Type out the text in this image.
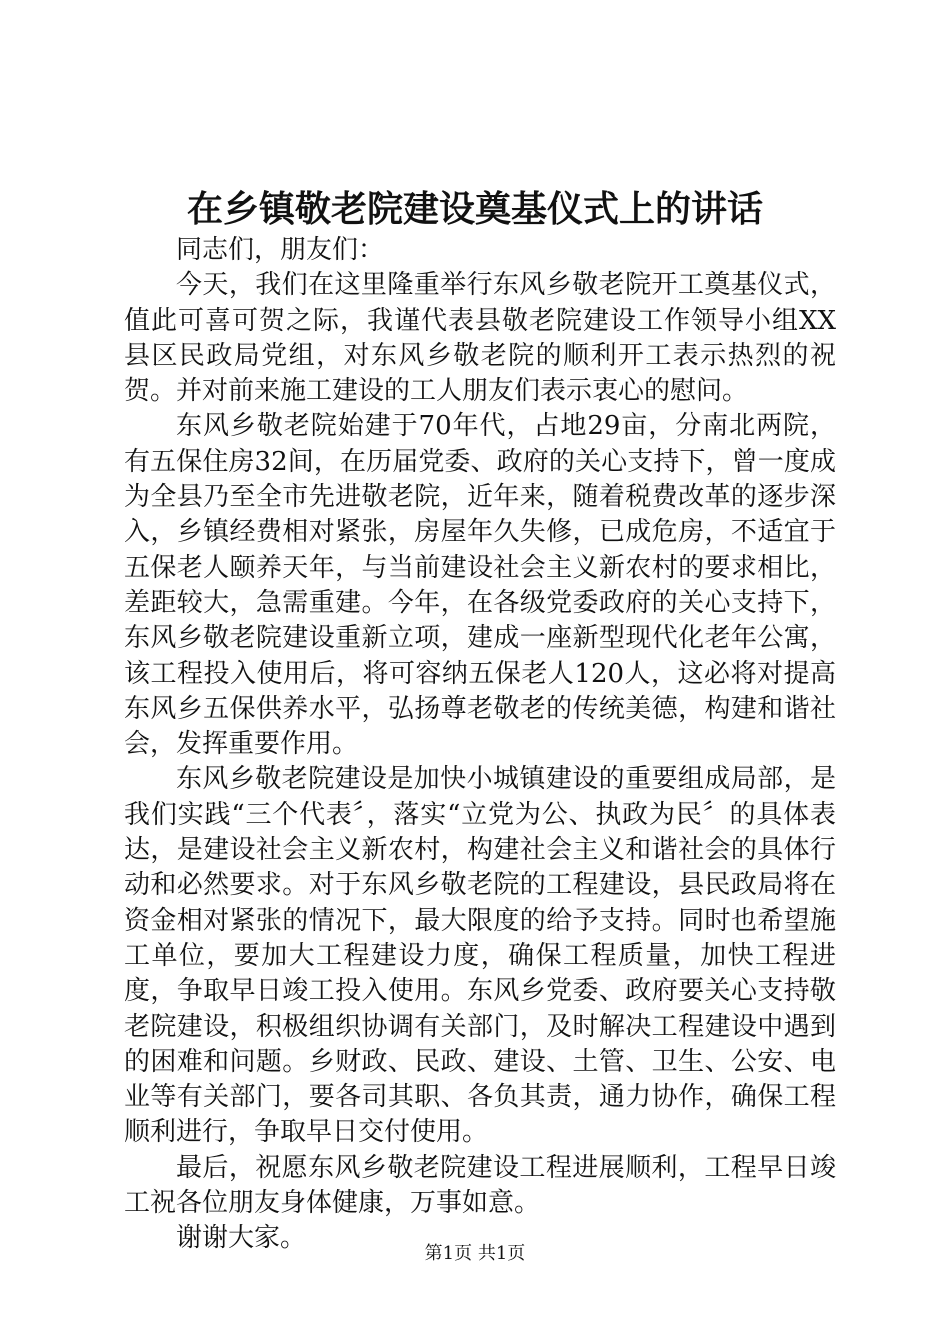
在乡镇敬老院建设奠基仪式上的讲话

同志们，朋友们：

今天，我们在这里隆重举行东风乡敬老院开工奠基仪式，值此可喜可贺之际，我谨代表县敬老院建设工作领导小组XX县区民政局党组，对东风乡敬老院的顺利开工表示热烈的祝贺。并对前来施工建设的工人朋友们表示衷心的慰问。

东风乡敬老院始建于70年代，占地29亩，分南北两院，有五保住房32间，在历届党委、政府的关心支持下，曾一度成为全县乃至全市先进敬老院，近年来，随着税费改革的逐步深入，乡镇经费相对紧张，房屋年久失修，已成危房，不适宜于五保老人颐养天年，与当前建设社会主义新农村的要求相比，差距较大，急需重建。今年，在各级党委政府的关心支持下，东风乡敬老院建设重新立项，建成一座新型现代化老年公寓，该工程投入使用后，将可容纳五保老人120人，这必将对提高东风乡五保供养水平，弘扬尊老敬老的传统美德，构建和谐社会，发挥重要作用。

东风乡敬老院建设是加快小城镇建设的重要组成局部，是我们实践“三个代表〞，落实“立党为公、执政为民〞的具体表达，是建设社会主义新农村，构建社会主义和谐社会的具体行动和必然要求。对于东风乡敬老院的工程建设，县民政局将在资金相对紧张的情况下，最大限度的给予支持。同时也希望施工单位，要加大工程建设力度，确保工程质量，加快工程进度，争取早日竣工投入使用。东风乡党委、政府要关心支持敬老院建设，积极组织协调有关部门，及时解决工程建设中遇到的困难和问题。乡财政、民政、建设、土管、卫生、公安、电业等有关部门，要各司其职、各负其责，通力协作，确保工程顺利进行，争取早日交付使用。

最后，祝愿东风乡敬老院建设工程进展顺利，工程早日竣工祝各位朋友身体健康，万事如意。

谢谢大家。

第1页 共1页
